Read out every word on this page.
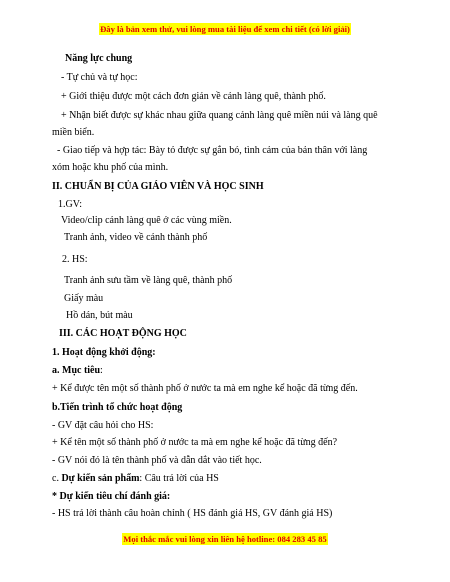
Đây là bản xem thử, vui lòng mua tài liệu để xem chi tiết (có lời giải)
Năng lực chung
- Tự chủ và tự học:
+ Giới thiệu được một cách đơn giản về cảnh làng quê, thành phố.
+ Nhận biết được sự khác nhau giữa quang cảnh làng quê miền núi và làng quê
miền biển.
- Giao tiếp và hợp tác: Bày tỏ được sự gắn bó, tình cảm của bản thân với làng
xóm hoặc khu phố của mình.
II. CHUẨN BỊ CỦA GIÁO VIÊN VÀ HỌC SINH
1.GV:
Video/clip cảnh làng quê ở các vùng miền.
Tranh ảnh, video về cảnh thành phố
2. HS:
Tranh ảnh sưu tầm về làng quê, thành phố
Giấy màu
Hồ dán, bút màu
III. CÁC HOẠT ĐỘNG HỌC
1. Hoạt động khởi động:
a. Mục tiêu:
+ Kể được tên một số thành phố ở nước ta mà em nghe kể hoặc đã từng đến.
b.Tiến trình tổ chức hoạt động
- GV đặt câu hỏi cho HS:
+ Kể tên một số thành phố ở nước ta mà em nghe kể hoặc đã từng đến?
- GV nói đó là tên thành phố và dẫn dắt vào tiết học.
c. Dự kiến sản phẩm: Câu trả lời của HS
* Dự kiến tiêu chí đánh giá:
- HS trả lời thành câu hoàn chỉnh ( HS đánh giá HS, GV đánh giá HS)
Mọi thắc mắc vui lòng xin liên hệ hotline: 084 283 45 85
